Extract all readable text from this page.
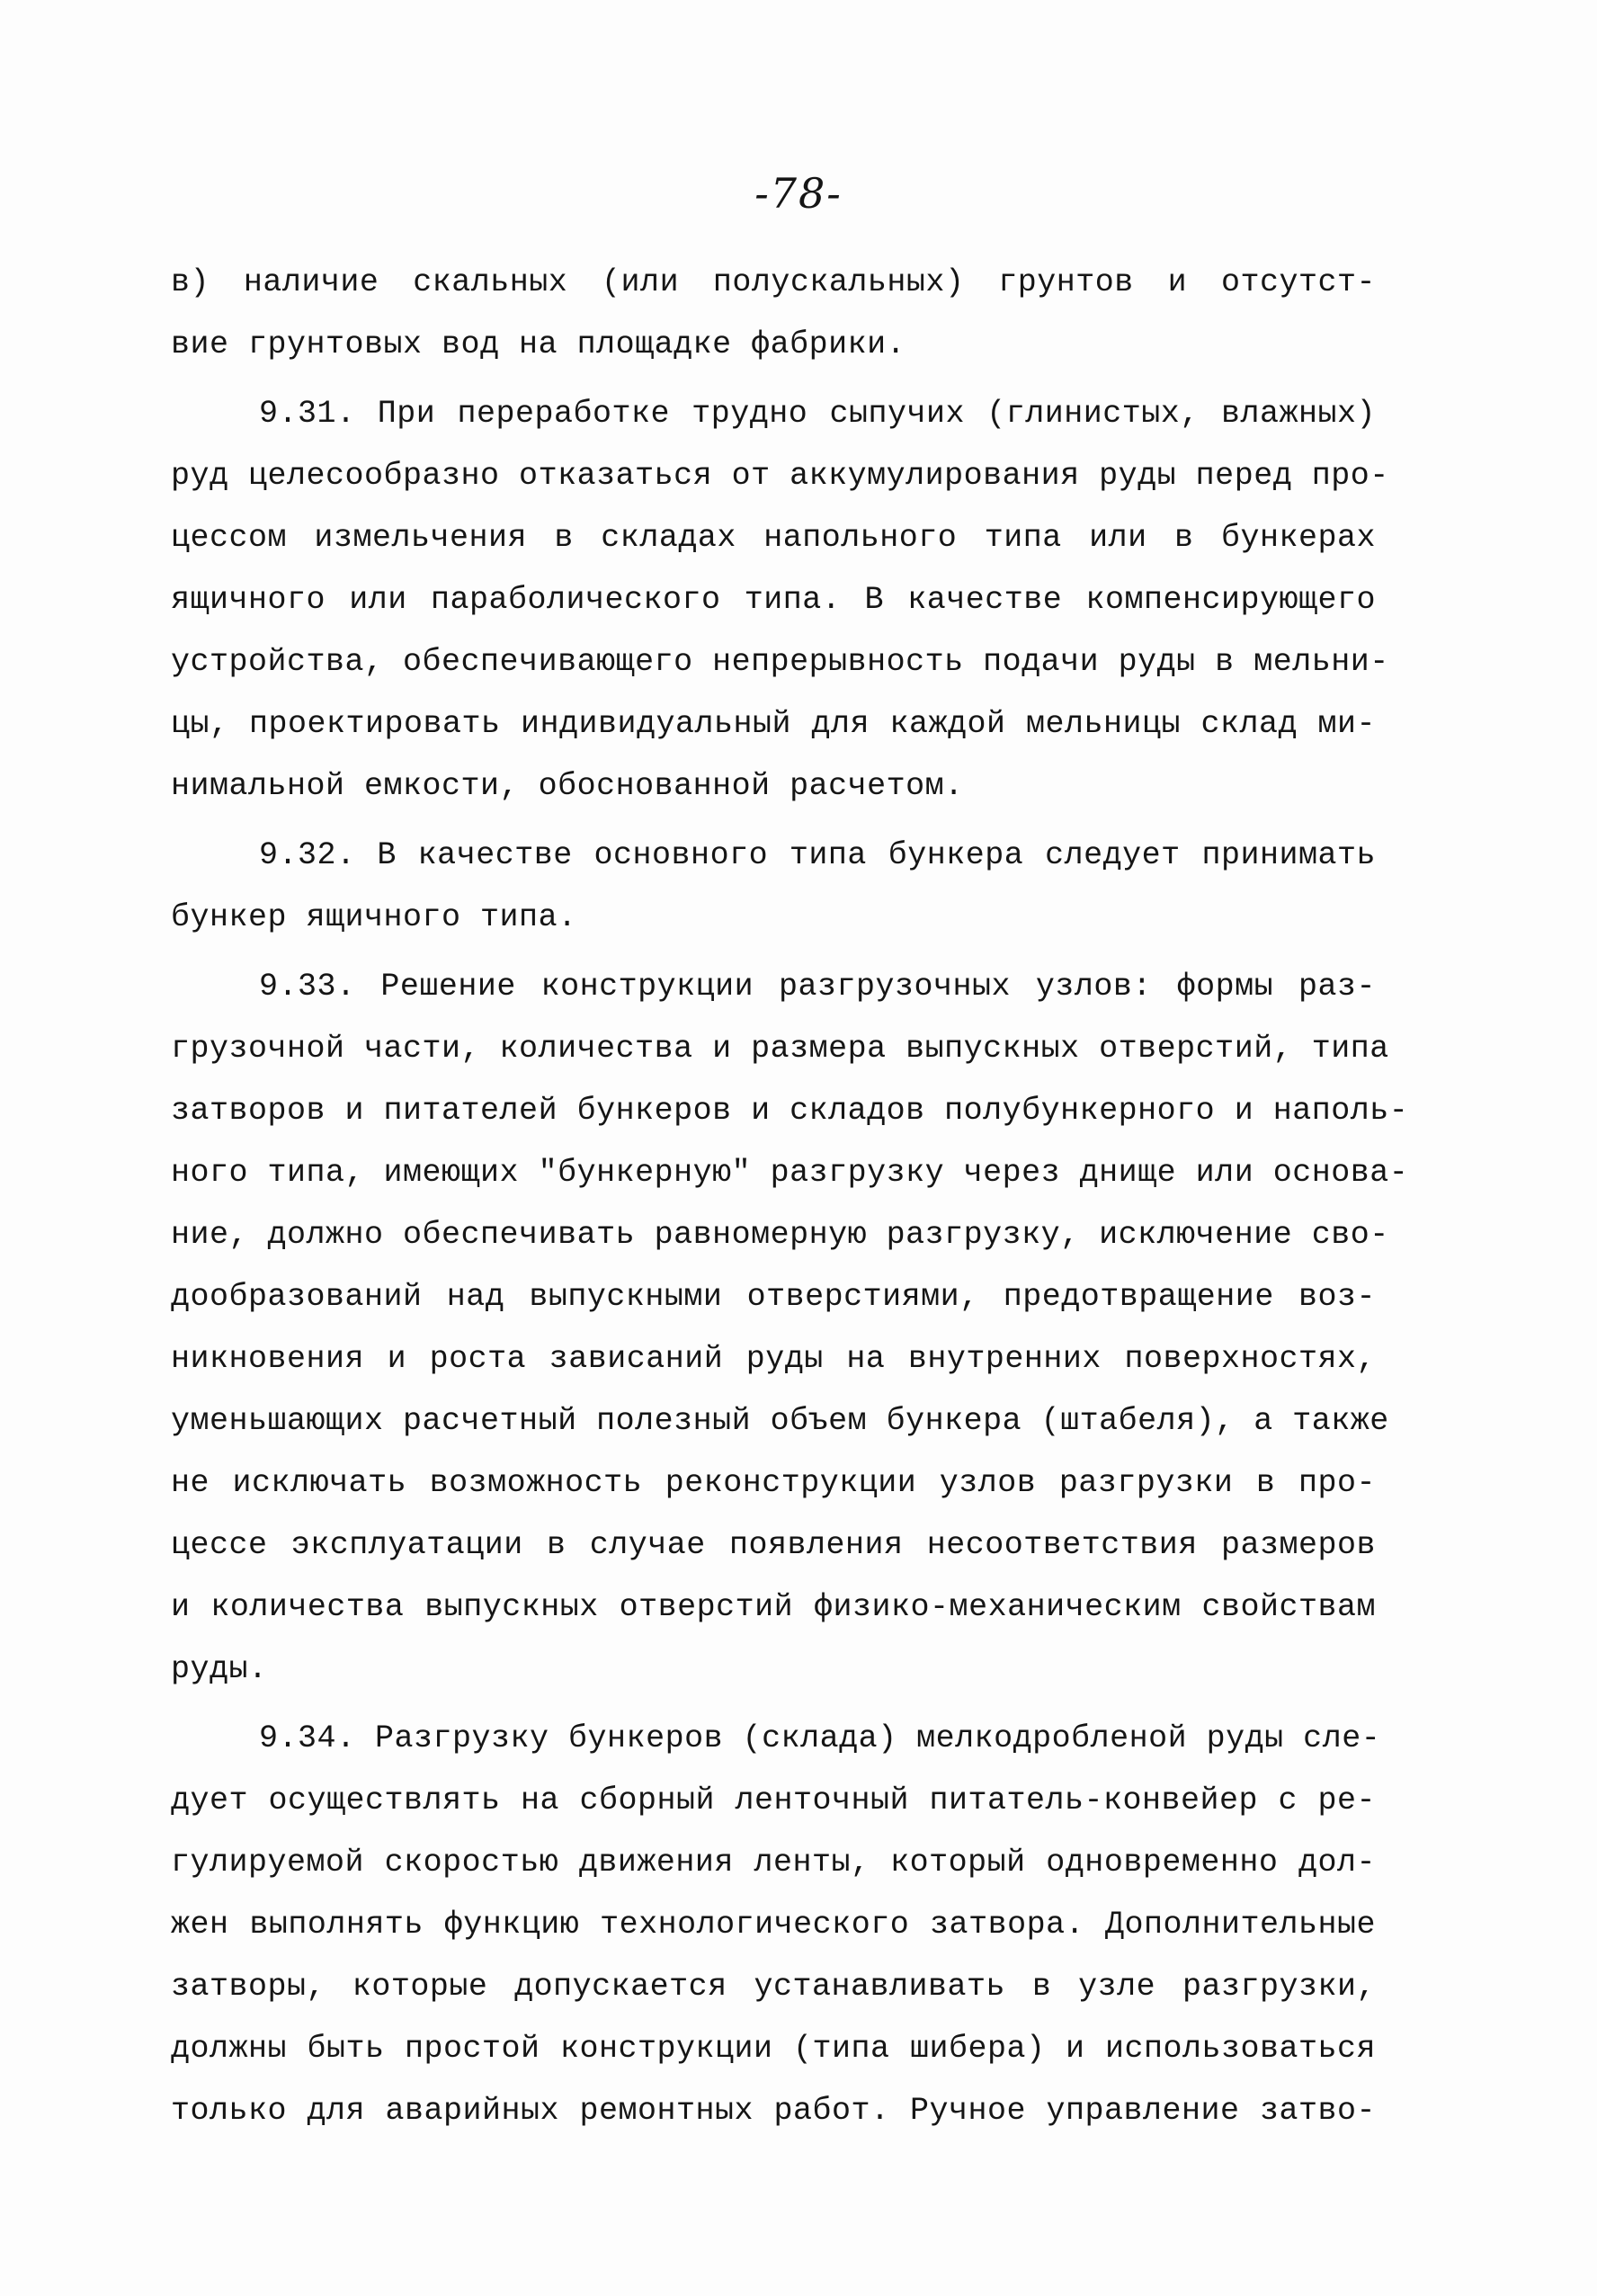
-78-
в) наличие скальных (или полускальных) грунтов и отсутст-
вие грунтовых вод на площадке фабрики.
9.31. При переработке трудно сыпучих (глинистых, влажных)
руд целесообразно отказаться от аккумулирования руды перед про-
цессом измельчения в складах напольного типа или в бункерах
ящичного или параболического типа. В качестве компенсирующего
устройства, обеспечивающего непрерывность подачи руды в мельни-
цы, проектировать индивидуальный для каждой мельницы склад ми-
нимальной емкости, обоснованной расчетом.
9.32. В качестве основного типа бункера следует принимать
бункер ящичного типа.
9.33. Решение конструкции разгрузочных узлов: формы раз-
грузочной части, количества и размера выпускных отверстий, типа
затворов и питателей бункеров и складов полубункерного и наполь-
ного типа, имеющих "бункерную" разгрузку через днище или основа-
ние, должно обеспечивать равномерную разгрузку, исключение сво-
дообразований над выпускными отверстиями, предотвращение воз-
никновения и роста зависаний руды на внутренних поверхностях,
уменьшающих расчетный полезный объем бункера (штабеля), а также
не исключать возможность реконструкции узлов разгрузки в про-
цессе эксплуатации в случае появления несоответствия размеров
и количества выпускных отверстий физико-механическим свойствам
руды.
9.34. Разгрузку бункеров (склада) мелкодробленой руды сле-
дует осуществлять на сборный ленточный питатель-конвейер с ре-
гулируемой скоростью движения ленты, который одновременно дол-
жен выполнять функцию технологического затвора. Дополнительные
затворы, которые допускается устанавливать в узле разгрузки,
должны быть простой конструкции (типа шибера) и использоваться
только для аварийных ремонтных работ. Ручное управление затво-
